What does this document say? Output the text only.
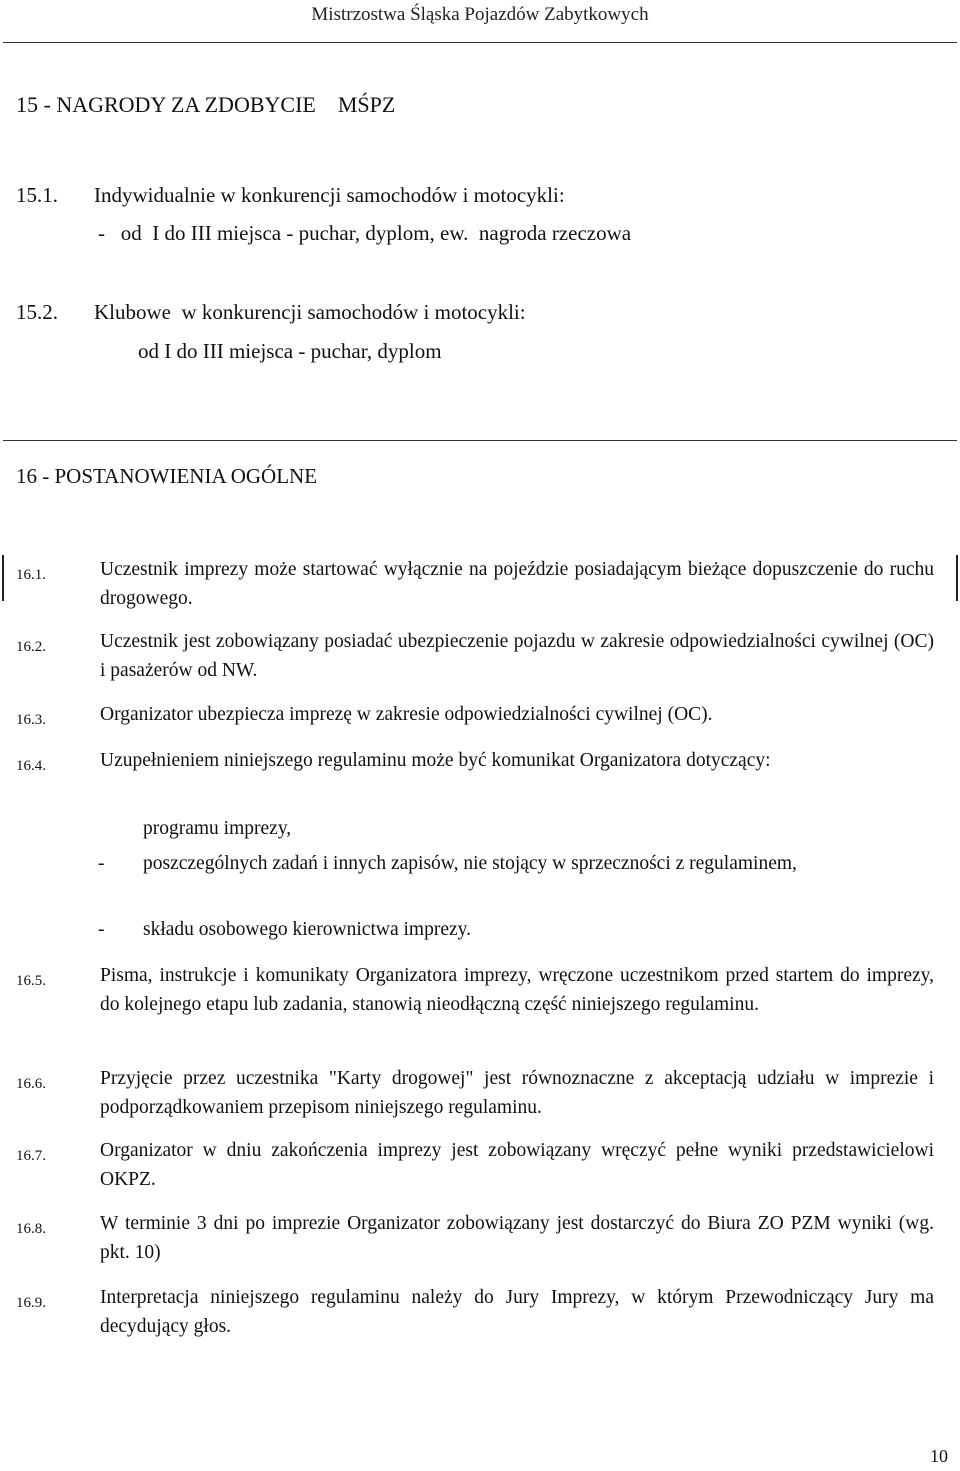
Mistrzostwa Śląska Pojazdów Zabytkowych
15 - NAGRODY ZA ZDOBYCIE    MŚPZ
15.1. Indywidualnie w konkurencji samochodów i motocykli:
-   od  I do III miejsca - puchar, dyplom, ew.  nagroda rzeczowa
15.2. Klubowe  w konkurencji samochodów i motocykli:
od I do III miejsca - puchar, dyplom
16 - POSTANOWIENIA OGÓLNE
16.1.	Uczestnik imprezy może startować wyłącznie na pojeździe posiadającym bieżące dopuszczenie do ruchu drogowego.
16.2.	Uczestnik jest zobowiązany posiadać ubezpieczenie pojazdu w zakresie odpowiedzialności cywilnej (OC) i pasażerów od NW.
16.3.	Organizator ubezpiecza imprezę w zakresie odpowiedzialności cywilnej (OC).
16.4.	Uzupełnieniem niniejszego regulaminu może być komunikat Organizatora dotyczący:
programu imprezy,
- poszczególnych zadań i innych zapisów, nie stojący w sprzeczności z regulaminem,
- składu osobowego kierownictwa imprezy.
16.5.	Pisma, instrukcje i komunikaty Organizatora imprezy, wręczone uczestnikom przed startem do imprezy, do kolejnego etapu lub zadania, stanowią nieodłączną część niniejszego regulaminu.
16.6.	Przyjęcie przez uczestnika "Karty drogowej" jest równoznaczne z akceptacją udziału w imprezie i podporządkowaniem przepisom niniejszego regulaminu.
16.7.	Organizator w dniu zakończenia imprezy jest zobowiązany wręczyć pełne wyniki przedstawicielowi OKPZ.
16.8.	W terminie 3 dni po imprezie Organizator zobowiązany jest dostarczyć do Biura ZO PZM wyniki (wg. pkt. 10)
16.9.	Interpretacja niniejszego regulaminu należy do Jury Imprezy, w którym Przewodniczący Jury ma decydujący głos.
10
